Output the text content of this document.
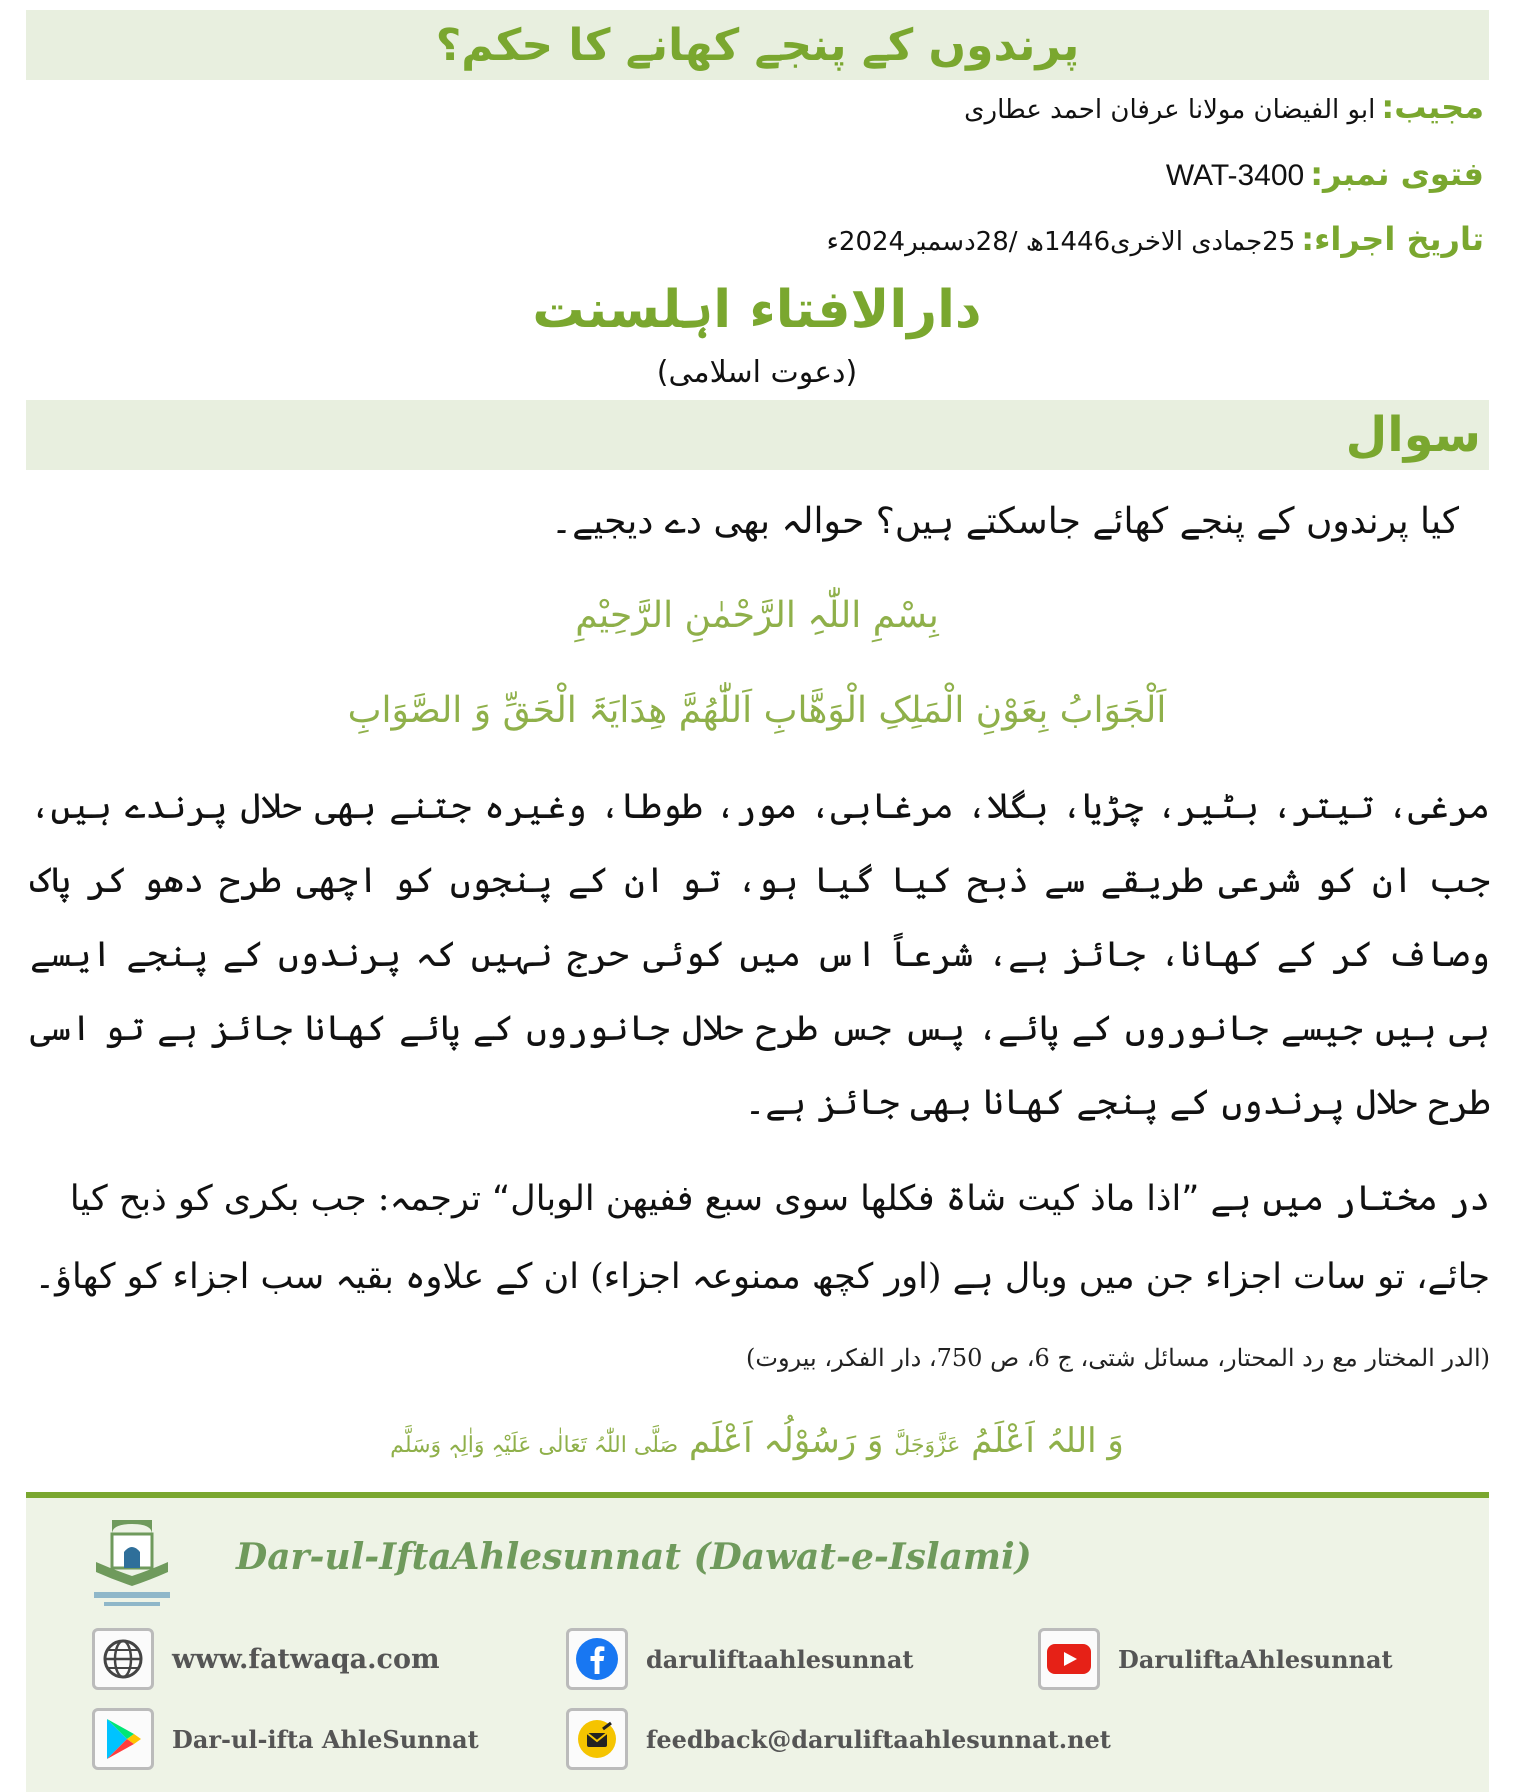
پرندوں کے پنجے کھانے کا حکم؟
مجیب:
ابو الفیضان مولانا عرفان احمد عطاری
فتوی نمبر:
WAT-3400
تاریخ اجراء:
25جمادی الاخری1446ھ /28دسمبر2024ء
دارالافتاء اہلسنت
(دعوت اسلامی)
سوال
کیا پرندوں کے پنجے کھائے جاسکتے ہیں؟ حوالہ بھی دے دیجیے۔
بِسْمِ اللّٰہِ الرَّحْمٰنِ الرَّحِیْمِ
اَلْجَوَابُ بِعَوْنِ الْمَلِکِ الْوَھَّابِ اَللّٰھُمَّ ھِدَایَۃَ الْحَقِّ وَ الصَّوَابِ
مرغی، تیتر، بٹیر، چڑیا، بگلا، مرغابی، مور، طوطا، وغیرہ جتنے بھی حلال پرندے ہیں، جب ان کو شرعی طریقے سے ذبح کیا گیا ہو، تو ان کے پنجوں کو اچھی طرح دھو کر پاک وصاف کر کے کھانا، جائز ہے، شرعاً اس میں کوئی حرج نہیں کہ پرندوں کے پنجے ایسے ہی ہیں جیسے جانوروں کے پائے، پس جس طرح حلال جانوروں کے پائے کھانا جائز ہے تو اسی طرح حلال پرندوں کے پنجے کھانا بھی جائز ہے۔
در مختار میں ہے ”اذا ماذ کیت شاۃ فکلھا سوی سبع ففیھن الوبال“ ترجمہ: جب بکری کو ذبح کیا جائے، تو سات اجزاء جن میں وبال ہے (اور کچھ ممنوعہ اجزاء) ان کے علاوہ بقیہ سب اجزاء کو کھاؤ۔ (الدر المختار مع رد المحتار، مسائل شتی، ج 6، ص 750، دار الفکر، بیروت)
وَ اللہُ اَعْلَمُ عَزَّوَجَلَّ وَ رَسُوْلُہ اَعْلَم صَلَّی اللّٰہُ تَعَالٰی عَلَیْہِ وَاٰلِہٖ وَسَلَّم
Dar-ul-IftaAhlesunnat (Dawat-e-Islami)
www.fatwaqa.com	daruliftaahlesunnat	DaruliftaAhlesunnat
Dar-ul-ifta AhleSunnat	feedback@daruliftaahlesunnat.net
